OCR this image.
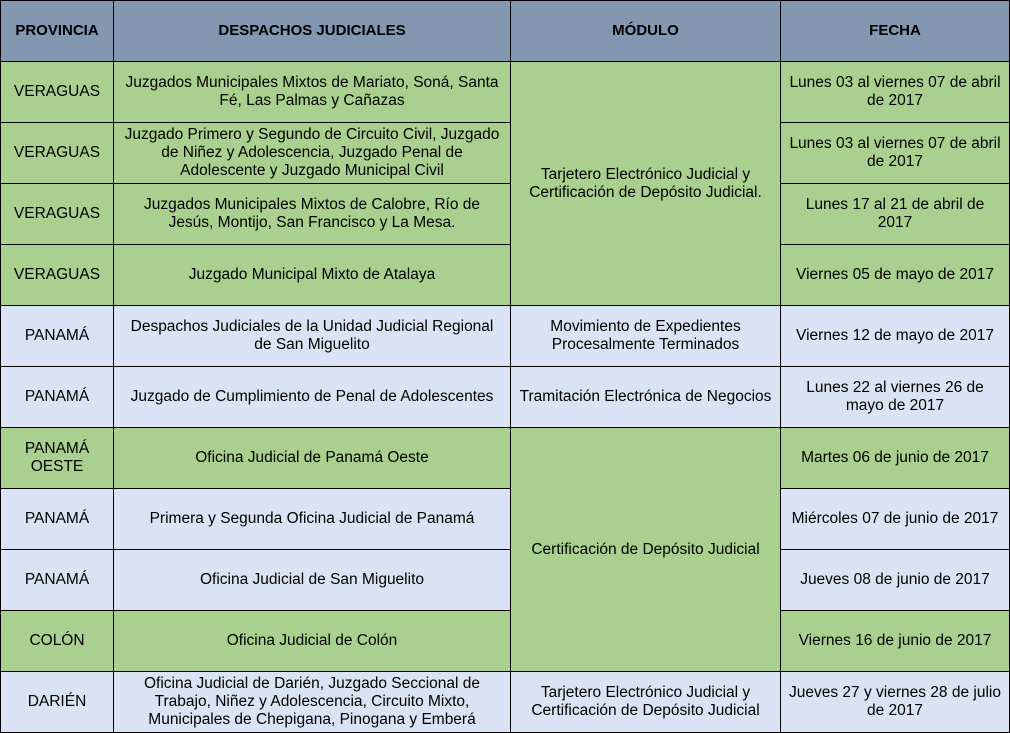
PROVINCIA	DESPACHOS JUDICIALES	MÓDULO	FECHA
VERAGUAS	Juzgados Municipales Mixtos de Mariato, Soná, Santa Fé, Las Palmas y Cañazas	Tarjetero Electrónico Judicial y Certificación de Depósito Judicial.	Lunes 03 al viernes 07 de abril de 2017
VERAGUAS	Juzgado Primero y Segundo de Circuito Civil, Juzgado de Niñez y Adolescencia, Juzgado Penal de Adolescente y Juzgado Municipal Civil		Lunes 03 al viernes 07 de abril de 2017
VERAGUAS	Juzgados Municipales Mixtos de Calobre, Río de Jesús, Montijo, San Francisco y La Mesa.		Lunes 17 al 21 de abril de 2017
VERAGUAS	Juzgado Municipal Mixto de Atalaya		Viernes 05 de mayo de 2017
PANAMÁ	Despachos Judiciales de la Unidad Judicial Regional de San Miguelito	Movimiento de Expedientes Procesalmente Terminados	Viernes 12 de mayo de 2017
PANAMÁ	Juzgado de Cumplimiento de Penal de Adolescentes	Tramitación Electrónica de Negocios	Lunes 22 al viernes 26 de mayo de 2017
PANAMÁ OESTE	Oficina Judicial de Panamá Oeste	Certificación de Depósito Judicial	Martes 06 de junio de 2017
PANAMÁ	Primera y Segunda Oficina Judicial de Panamá		Miércoles 07 de junio de 2017
PANAMÁ	Oficina Judicial de San Miguelito		Jueves 08 de junio de 2017
COLÓN	Oficina Judicial de Colón		Viernes 16 de junio de 2017
DARIÉN	Oficina Judicial de Darién, Juzgado Seccional de Trabajo, Niñez y Adolescencia, Circuito Mixto, Municipales de Chepigana, Pinogana y Emberá	Tarjetero Electrónico Judicial y Certificación de Depósito Judicial	Jueves 27 y viernes 28 de julio de 2017
